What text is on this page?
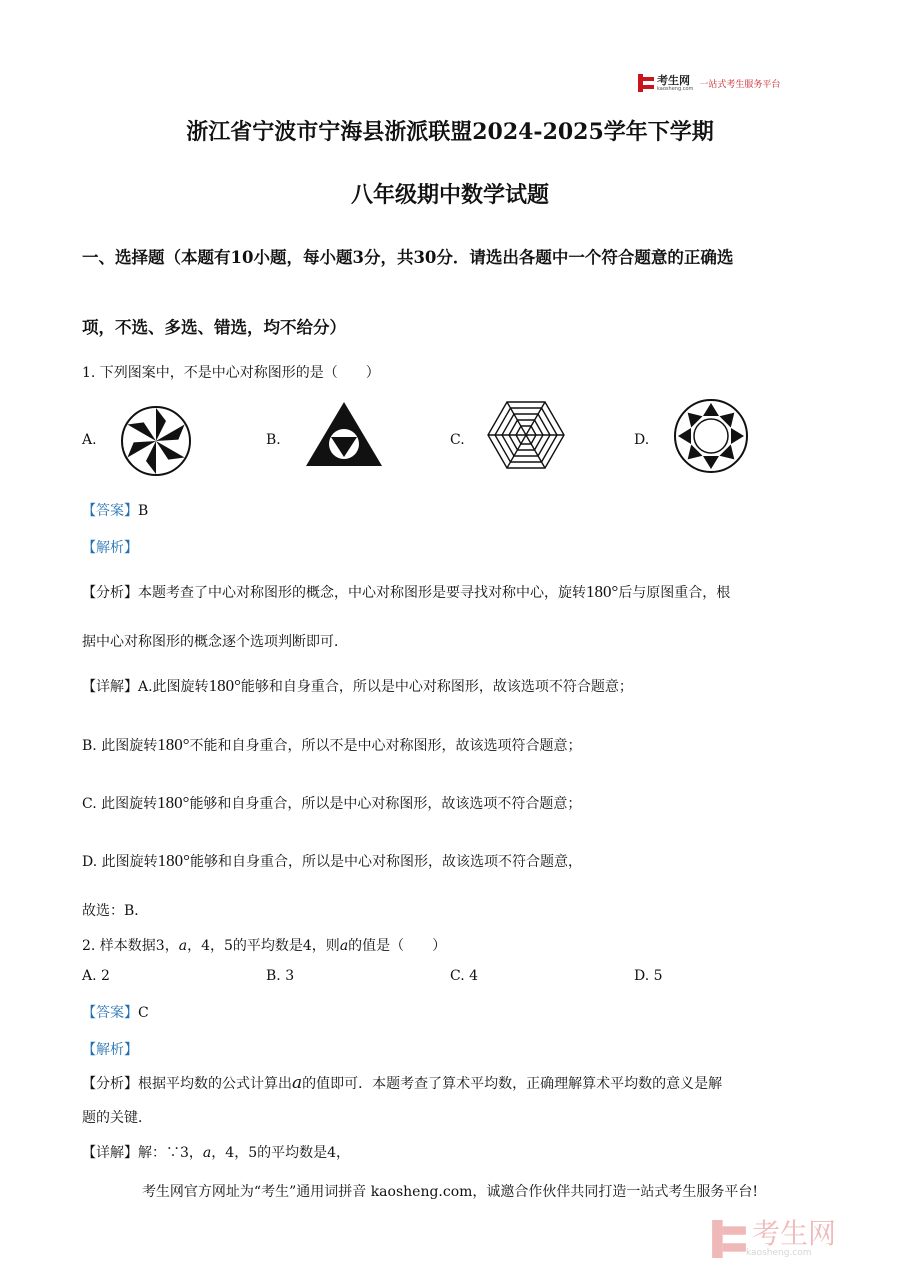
考生网
kaosheng.com 一站式考生服务平台
浙江省宁波市宁海县浙派联盟2024-2025学年下学期
八年级期中数学试题
一、选择题（本题有10小题，每小题3分，共30分．请选出各题中一个符合题意的正确选
项，不选、多选、错选，均不给分）
1. 下列图案中，不是中心对称图形的是（　　）
A.	B.	C.	D.
【答案】B
【解析】
【分析】本题考查了中心对称图形的概念，中心对称图形是要寻找对称中心，旋转180°后与原图重合，根
据中心对称图形的概念逐个选项判断即可．
【详解】A.此图旋转180°能够和自身重合，所以是中心对称图形，故该选项不符合题意；
B. 此图旋转180°不能和自身重合，所以不是中心对称图形，故该选项符合题意；
C. 此图旋转180°能够和自身重合，所以是中心对称图形，故该选项不符合题意；
D. 此图旋转180°能够和自身重合，所以是中心对称图形，故该选项不符合题意，
故选：B．
2. 样本数据3，a，4，5的平均数是4，则a的值是（　　）
A. 2	B. 3	C. 4	D. 5
【答案】C
【解析】
【分析】根据平均数的公式计算出a的值即可．本题考查了算术平均数，正确理解算术平均数的意义是解
题的关键．
【详解】解：∵3，a，4，5的平均数是4，
考生网官方网址为“考生”通用词拼音 kaosheng.com，诚邀合作伙伴共同打造一站式考生服务平台!
考生网
kaosheng.com
